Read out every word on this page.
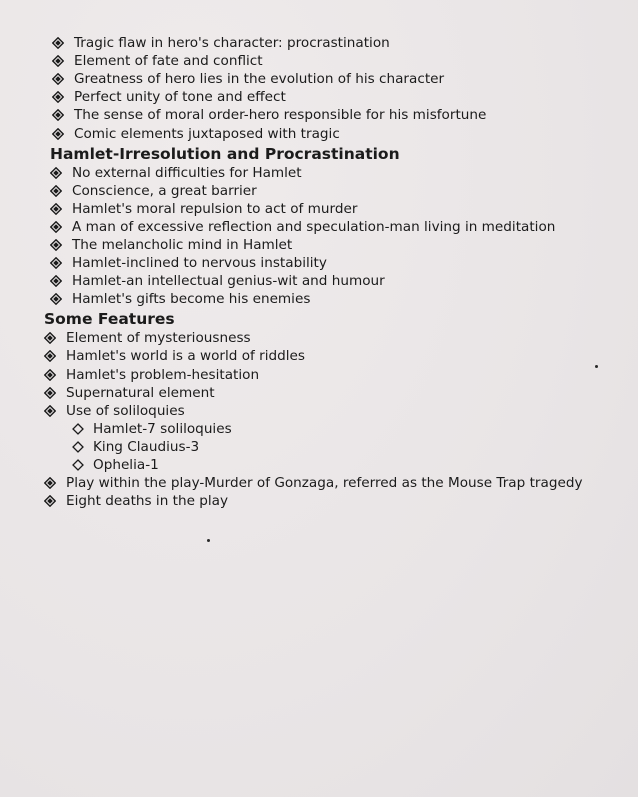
Tragic flaw in hero's character: procrastination
Element of fate and conflict
Greatness of hero lies in the evolution of his character
Perfect unity of tone and effect
The sense of moral order-hero responsible for his misfortune
Comic elements juxtaposed with tragic
Hamlet-Irresolution and Procrastination
No external difficulties for Hamlet
Conscience, a great barrier
Hamlet's moral repulsion to act of murder
A man of excessive reflection and speculation-man living in meditation
The melancholic mind in Hamlet
Hamlet-inclined to nervous instability
Hamlet-an intellectual genius-wit and humour
Hamlet's gifts become his enemies
Some Features
Element of mysteriousness
Hamlet's world is a world of riddles
Hamlet's problem-hesitation
Supernatural element
Use of soliloquies
Hamlet-7 soliloquies
King Claudius-3
Ophelia-1
Play within the play-Murder of Gonzaga, referred as the Mouse Trap tragedy
Eight deaths in the play
